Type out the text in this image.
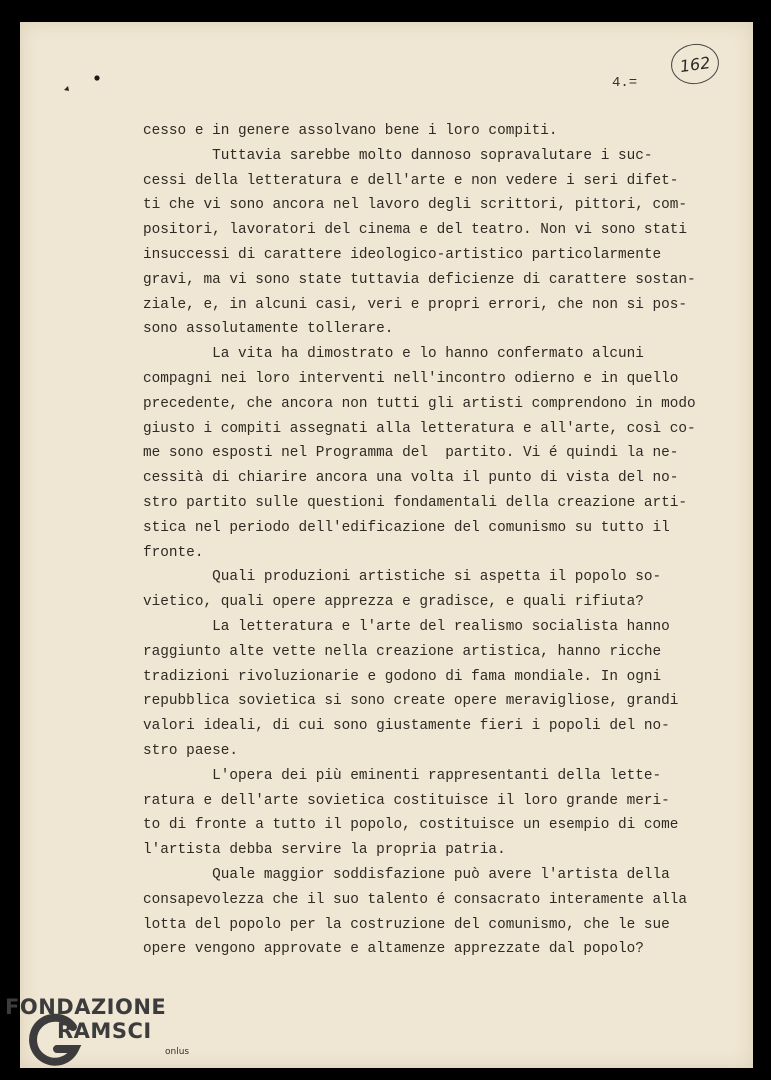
162
4.=
cesso e in genere assolvano bene i loro compiti.
Tuttavia sarebbe molto dannoso sopravalutare i suc-
cessi della letteratura e dell'arte e non vedere i seri difet-
ti che vi sono ancora nel lavoro degli scrittori, pittori, com-
positori, lavoratori del cinema e del teatro. Non vi sono stati
insuccessi di carattere ideologico-artistico particolarmente
gravi, ma vi sono state tuttavia deficienze di carattere sostan-
ziale, e, in alcuni casi, veri e propri errori, che non si pos-
sono assolutamente tollerare.
La vita ha dimostrato e lo hanno confermato alcuni
compagni nei loro interventi nell'incontro odierno e in quello
precedente, che ancora non tutti gli artisti comprendono in modo
giusto i compiti assegnati alla letteratura e all'arte, così co-
me sono esposti nel Programma del  partito. Vi é quindi la ne-
cessità di chiarire ancora una volta il punto di vista del no-
stro partito sulle questioni fondamentali della creazione arti-
stica nel periodo dell'edificazione del comunismo su tutto il
fronte.
Quali produzioni artistiche si aspetta il popolo so-
vietico, quali opere apprezza e gradisce, e quali rifiuta?
La letteratura e l'arte del realismo socialista hanno
raggiunto alte vette nella creazione artistica, hanno ricche
tradizioni rivoluzionarie e godono di fama mondiale. In ogni
repubblica sovietica si sono create opere meravigliose, grandi
valori ideali, di cui sono giustamente fieri i popoli del no-
stro paese.
L'opera dei più eminenti rappresentanti della lette-
ratura e dell'arte sovietica costituisce il loro grande meri-
to di fronte a tutto il popolo, costituisce un esempio di come
l'artista debba servire la propria patria.
Quale maggior soddisfazione può avere l'artista della
consapevolezza che il suo talento é consacrato interamente alla
lotta del popolo per la costruzione del comunismo, che le sue
opere vengono approvate e altamenze apprezzate dal popolo?

FONDAZIONE
RAMSCI
onlus
